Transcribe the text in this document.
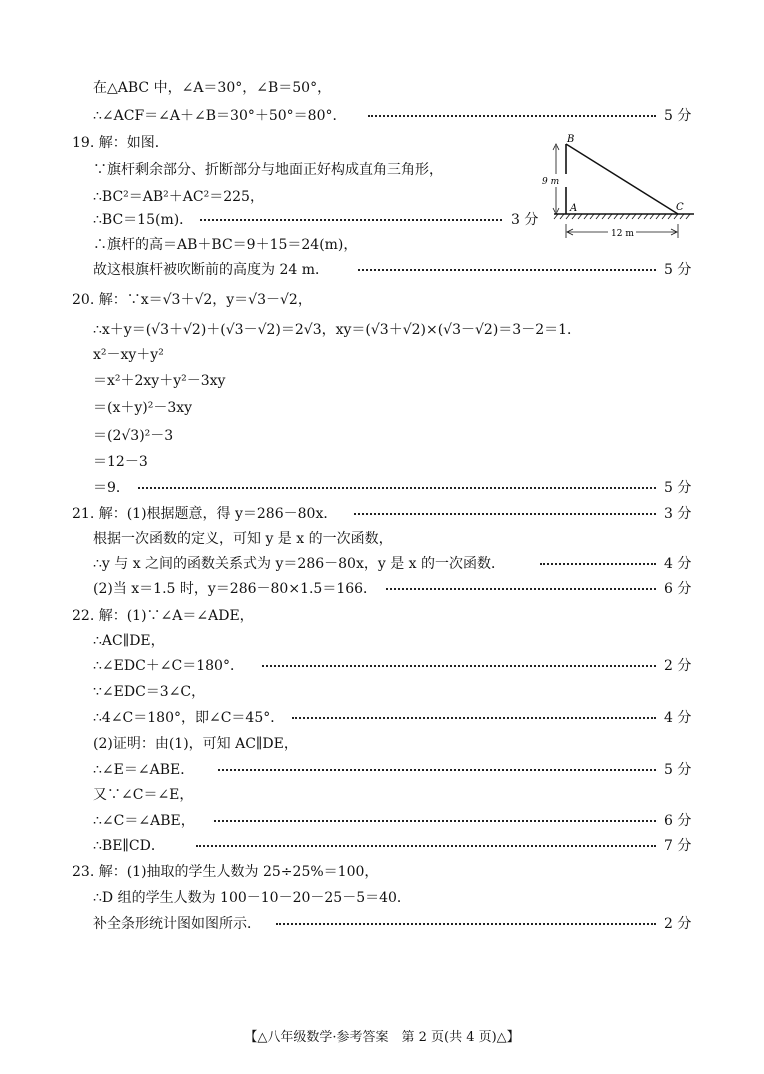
在△ABC 中，∠A＝30°，∠B＝50°，
∴∠ACF＝∠A＋∠B＝30°＋50°＝80°．	5 分
19. 解：如图．
∵旗杆剩余部分、折断部分与地面正好构成直角三角形，
∴BC²＝AB²＋AC²＝225，
∴BC＝15(m)．	3 分
∴旗杆的高＝AB＋BC＝9＋15＝24(m)，
故这根旗杆被吹断前的高度为 24 m．	5 分
9 m
12 m
B
A	C
20. 解：∵x＝√3＋√2，y＝√3－√2，
∴x＋y＝(√3＋√2)＋(√3－√2)＝2√3，xy＝(√3＋√2)×(√3－√2)＝3－2＝1．
x²－xy＋y²
＝x²＋2xy＋y²－3xy
＝(x＋y)²－3xy
＝(2√3)²－3
＝12－3
＝9．	5 分
21. 解：(1)根据题意，得 y＝286－80x．	3 分
根据一次函数的定义，可知 y 是 x 的一次函数，
∴y 与 x 之间的函数关系式为 y＝286－80x，y 是 x 的一次函数．	4 分
(2)当 x＝1.5 时，y＝286－80×1.5＝166．	6 分
22. 解：(1)∵∠A＝∠ADE，
∴AC∥DE，
∴∠EDC＋∠C＝180°．	2 分
∵∠EDC＝3∠C，
∴4∠C＝180°，即∠C＝45°．	4 分
(2)证明：由(1)，可知 AC∥DE，
∴∠E＝∠ABE．	5 分
又∵∠C＝∠E，
∴∠C＝∠ABE，	6 分
∴BE∥CD．	7 分
23. 解：(1)抽取的学生人数为 25÷25%＝100，
∴D 组的学生人数为 100－10－20－25－5＝40．
补全条形统计图如图所示．	2 分
【△八年级数学·参考答案　第 2 页(共 4 页)△】
